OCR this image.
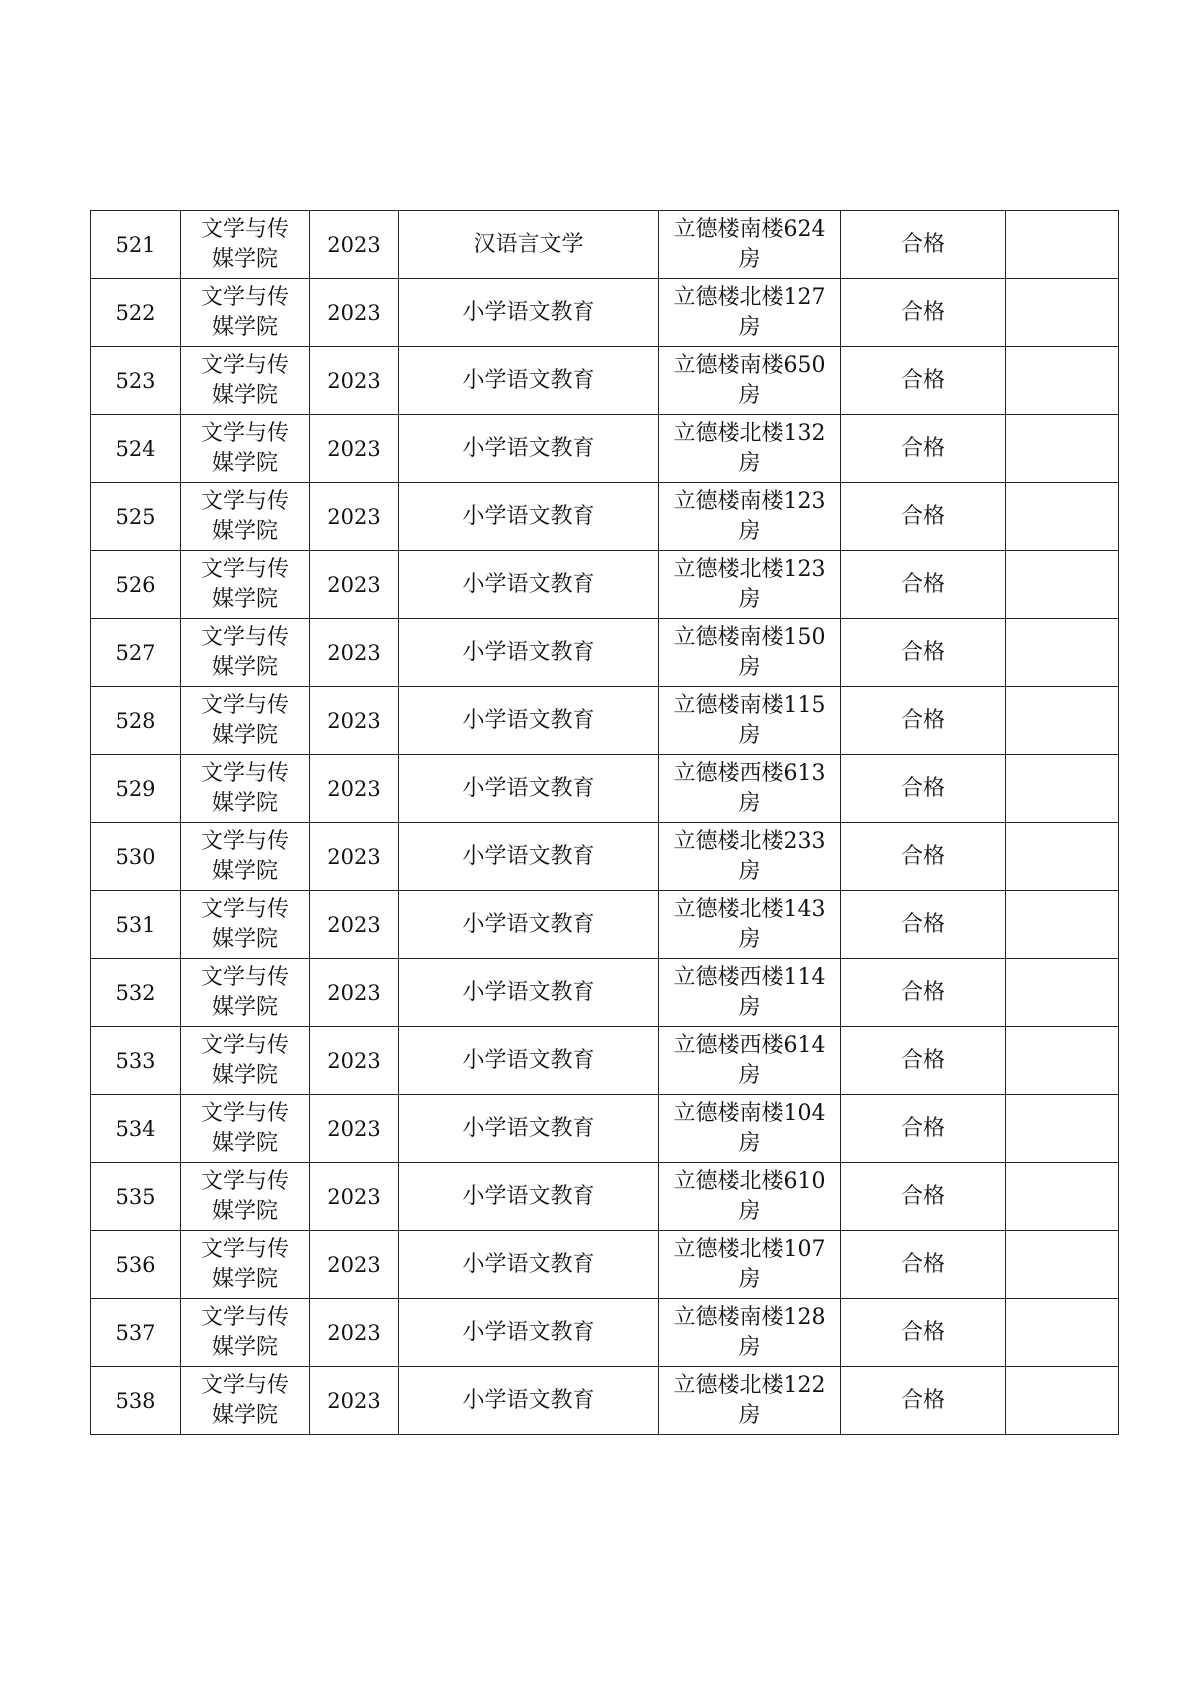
521	文学与传媒学院	2023	汉语言文学	立德楼南楼624房	合格	
522	文学与传媒学院	2023	小学语文教育	立德楼北楼127房	合格	
523	文学与传媒学院	2023	小学语文教育	立德楼南楼650房	合格	
524	文学与传媒学院	2023	小学语文教育	立德楼北楼132房	合格	
525	文学与传媒学院	2023	小学语文教育	立德楼南楼123房	合格	
526	文学与传媒学院	2023	小学语文教育	立德楼北楼123房	合格	
527	文学与传媒学院	2023	小学语文教育	立德楼南楼150房	合格	
528	文学与传媒学院	2023	小学语文教育	立德楼南楼115房	合格	
529	文学与传媒学院	2023	小学语文教育	立德楼西楼613房	合格	
530	文学与传媒学院	2023	小学语文教育	立德楼北楼233房	合格	
531	文学与传媒学院	2023	小学语文教育	立德楼北楼143房	合格	
532	文学与传媒学院	2023	小学语文教育	立德楼西楼114房	合格	
533	文学与传媒学院	2023	小学语文教育	立德楼西楼614房	合格	
534	文学与传媒学院	2023	小学语文教育	立德楼南楼104房	合格	
535	文学与传媒学院	2023	小学语文教育	立德楼北楼610房	合格	
536	文学与传媒学院	2023	小学语文教育	立德楼北楼107房	合格	
537	文学与传媒学院	2023	小学语文教育	立德楼南楼128房	合格	
538	文学与传媒学院	2023	小学语文教育	立德楼北楼122房	合格	
